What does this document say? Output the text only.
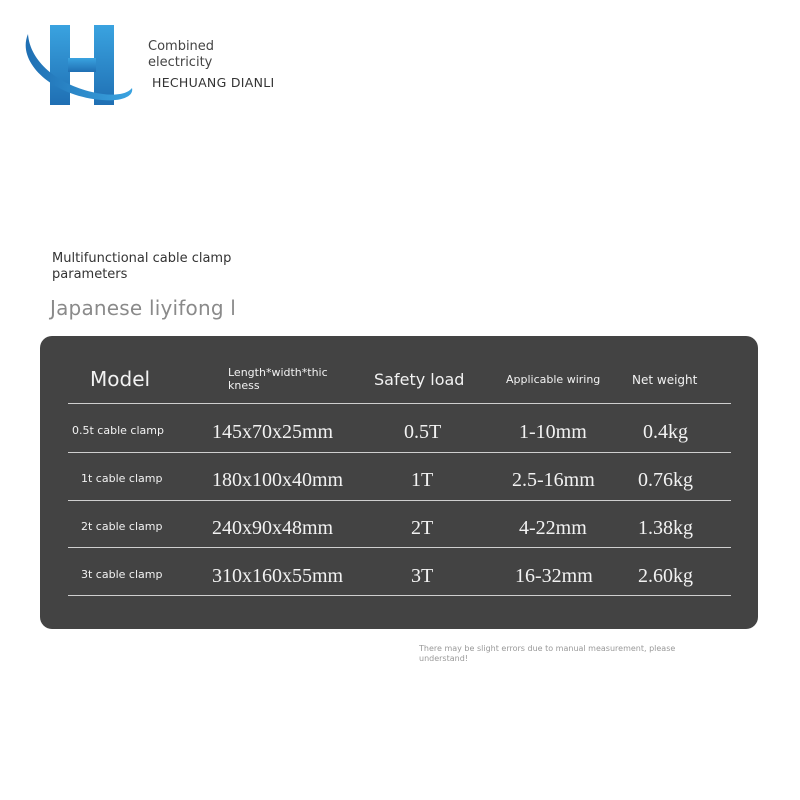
Combined
electricity
HECHUANG DIANLI
Multifunctional cable clamp parameters
Japanese liyifong l
Model	Length*width*thic kness	Safety load	Applicable wiring	Net weight
0.5t cable clamp 145x70x25mm	0.5T	1-10mm	0.4kg
1t cable clamp 180x100x40mm	1T	2.5-16mm 0.76kg
2t cable clamp 240x90x48mm	2T	4-22mm	1.38kg
3t cable clamp 310x160x55mm	3T	16-32mm 2.60kg
There may be slight errors due to manual measurement, please understand!
